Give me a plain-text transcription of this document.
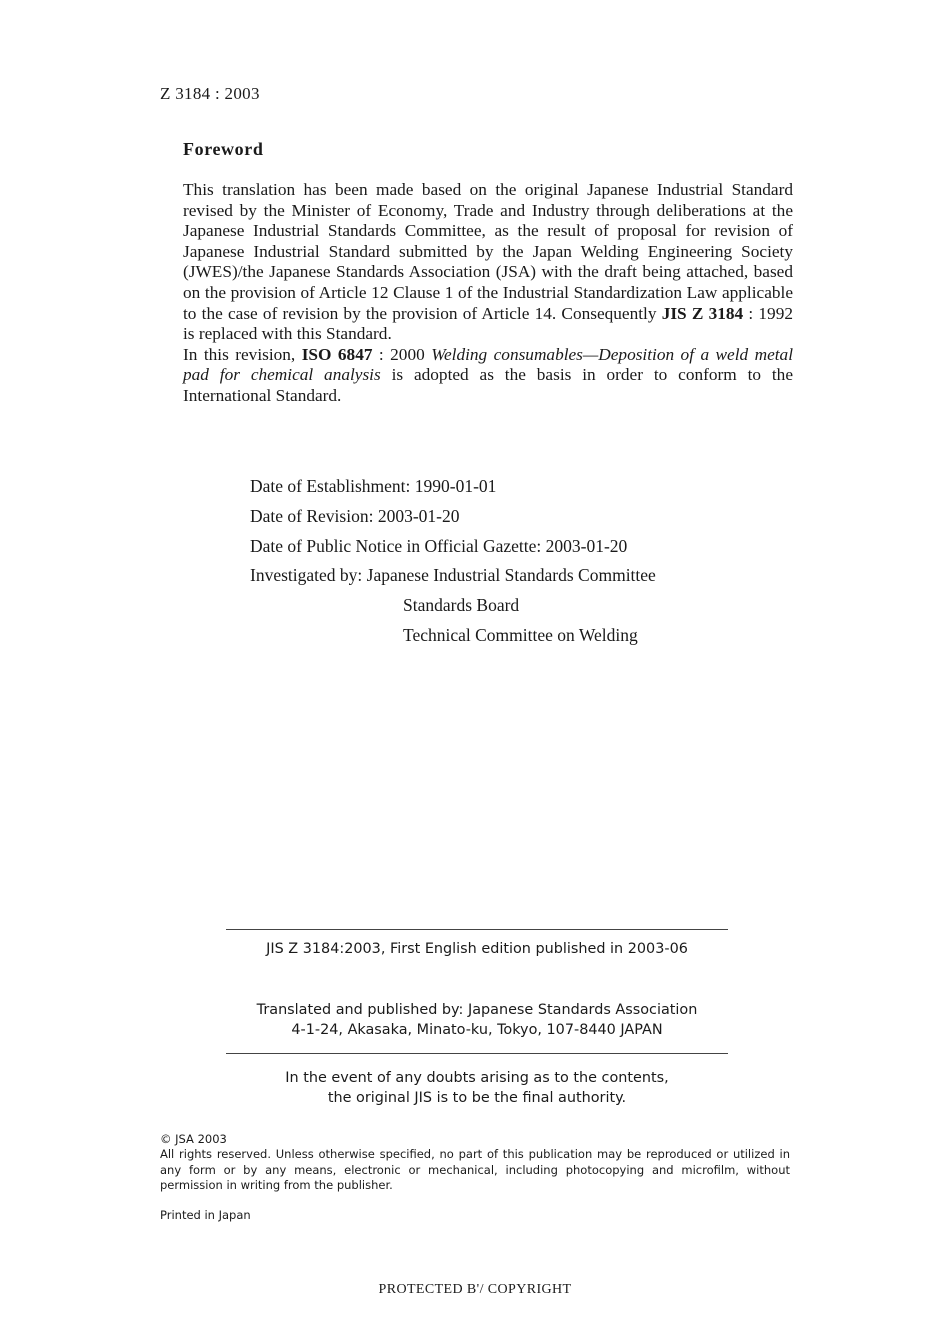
Z 3184 : 2003
Foreword

This translation has been made based on the original Japanese Industrial Standard revised by the Minister of Economy, Trade and Industry through deliberations at the Japanese Industrial Standards Committee, as the result of proposal for revision of Japanese Industrial Standard submitted by the Japan Welding Engineering Society (JWES)/the Japanese Standards Association (JSA) with the draft being attached, based on the provision of Article 12 Clause 1 of the Industrial Standardization Law applicable to the case of revision by the provision of Article 14. Consequently JIS Z 3184 : 1992 is replaced with this Standard.

In this revision, ISO 6847 : 2000 Welding consumables—Deposition of a weld metal pad for chemical analysis is adopted as the basis in order to conform to the International Standard.

Date of Establishment: 1990-01-01
Date of Revision: 2003-01-20
Date of Public Notice in Official Gazette: 2003-01-20
Investigated by: Japanese Industrial Standards Committee
Standards Board
Technical Committee on Welding
JIS Z 3184:2003, First English edition published in 2003-06
Translated and published by: Japanese Standards Association
4-1-24, Akasaka, Minato-ku, Tokyo, 107-8440 JAPAN
In the event of any doubts arising as to the contents,
the original JIS is to be the final authority.
© JSA 2003
All rights reserved. Unless otherwise specified, no part of this publication may be reproduced or utilized in any form or by any means, electronic or mechanical, including photocopying and microfilm, without permission in writing from the publisher.
Printed in Japan
PROTECTED B'/ COPYRIGHT
